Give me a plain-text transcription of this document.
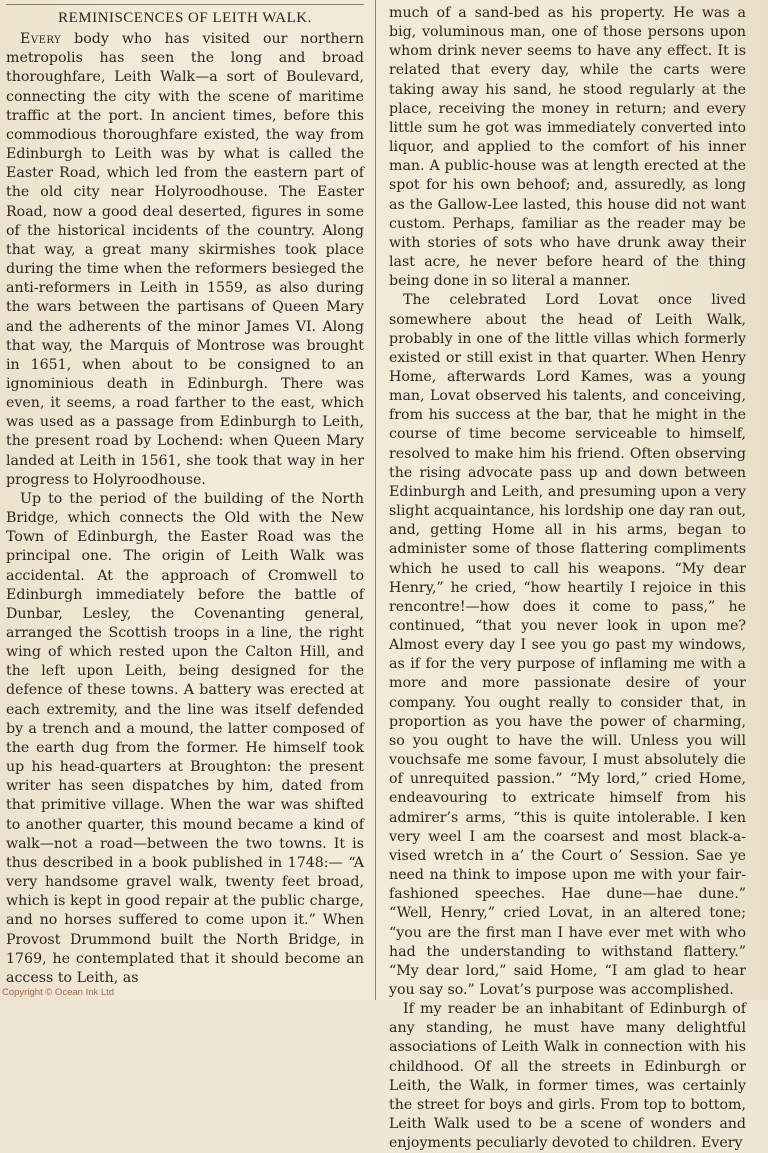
REMINISCENCES OF LEITH WALK.

Every body who has visited our northern metropolis has seen the long and broad thoroughfare, Leith Walk—a sort of Boulevard, connecting the city with the scene of maritime traffic at the port. In ancient times, before this commodious thoroughfare existed, the way from Edinburgh to Leith was by what is called the Easter Road, which led from the eastern part of the old city near Holyroodhouse. The Easter Road, now a good deal deserted, figures in some of the historical incidents of the country. Along that way, a great many skirmishes took place during the time when the reformers besieged the anti-reformers in Leith in 1559, as also during the wars between the partisans of Queen Mary and the adherents of the minor James VI. Along that way, the Marquis of Montrose was brought in 1651, when about to be consigned to an ignominious death in Edinburgh. There was even, it seems, a road farther to the east, which was used as a passage from Edinburgh to Leith, the present road by Lochend: when Queen Mary landed at Leith in 1561, she took that way in her progress to Holyroodhouse.

Up to the period of the building of the North Bridge, which connects the Old with the New Town of Edinburgh, the Easter Road was the principal one. The origin of Leith Walk was accidental. At the approach of Cromwell to Edinburgh immediately before the battle of Dunbar, Lesley, the Covenanting general, arranged the Scottish troops in a line, the right wing of which rested upon the Calton Hill, and the left upon Leith, being designed for the defence of these towns. A battery was erected at each extremity, and the line was itself defended by a trench and a mound, the latter composed of the earth dug from the former. He himself took up his head-quarters at Broughton: the present writer has seen dispatches by him, dated from that primitive village. When the war was shifted to another quarter, this mound became a kind of walk—not a road—between the two towns. It is thus described in a book published in 1748:— “A very handsome gravel walk, twenty feet broad, which is kept in good repair at the public charge, and no horses suffered to come upon it.” When Provost Drummond built the North Bridge, in 1769, he contemplated that it should become an access to Leith, as

much of a sand-bed as his property. He was a big, voluminous man, one of those persons upon whom drink never seems to have any effect. It is related that every day, while the carts were taking away his sand, he stood regularly at the place, receiving the money in return; and every little sum he got was immediately converted into liquor, and applied to the comfort of his inner man. A public-house was at length erected at the spot for his own behoof; and, assuredly, as long as the Gallow-Lee lasted, this house did not want custom. Perhaps, familiar as the reader may be with stories of sots who have drunk away their last acre, he never before heard of the thing being done in so literal a manner.

The celebrated Lord Lovat once lived somewhere about the head of Leith Walk, probably in one of the little villas which formerly existed or still exist in that quarter. When Henry Home, afterwards Lord Kames, was a young man, Lovat observed his talents, and conceiving, from his success at the bar, that he might in the course of time become serviceable to himself, resolved to make him his friend. Often observing the rising advocate pass up and down between Edinburgh and Leith, and presuming upon a very slight acquaintance, his lordship one day ran out, and, getting Home all in his arms, began to administer some of those flattering compliments which he used to call his weapons. “My dear Henry,” he cried, “how heartily I rejoice in this rencontre!—how does it come to pass,” he continued, “that you never look in upon me? Almost every day I see you go past my windows, as if for the very purpose of inflaming me with a more and more passionate desire of your company. You ought really to consider that, in proportion as you have the power of charming, so you ought to have the will. Unless you will vouchsafe me some favour, I must absolutely die of unrequited passion.” “My lord,” cried Home, endeavouring to extricate himself from his admirer’s arms, “this is quite intolerable. I ken very weel I am the coarsest and most black-a-vised wretch in a’ the Court o’ Session. Sae ye need na think to impose upon me with your fair-fashioned speeches. Hae dune—hae dune.” “Well, Henry,” cried Lovat, in an altered tone; “you are the first man I have ever met with who had the understanding to withstand flattery.” “My dear lord,” said Home, “I am glad to hear you say so.” Lovat’s purpose was accomplished.

If my reader be an inhabitant of Edinburgh of any standing, he must have many delightful associations of Leith Walk in connection with his childhood. Of all the streets in Edinburgh or Leith, the Walk, in former times, was certainly the street for boys and girls. From top to bottom, Leith Walk used to be a scene of wonders and enjoyments peculiarly devoted to children. Every

Copyright © Ocean Ink Ltd
